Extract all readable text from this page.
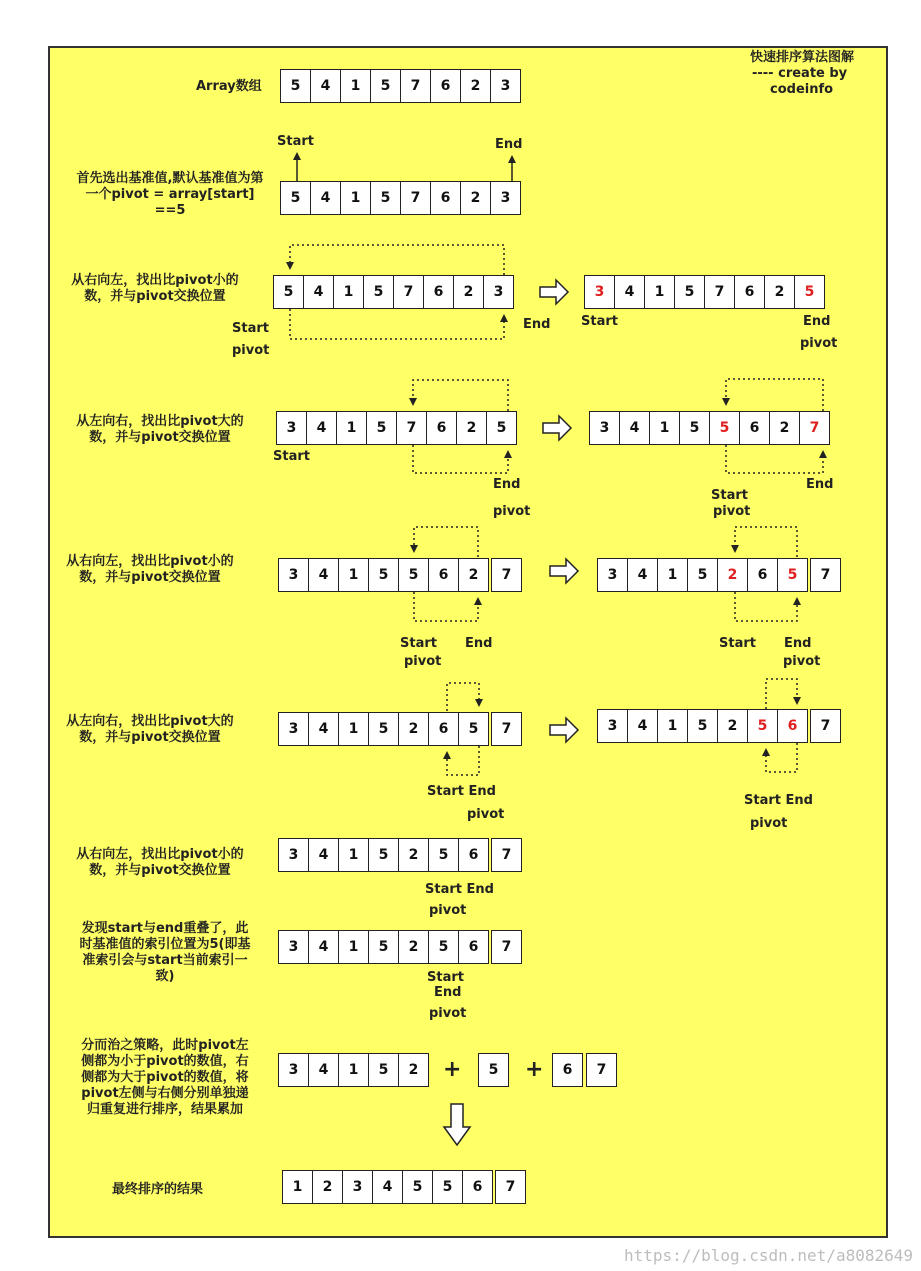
快速排序算法图解
---- create by
codeinfo
Array数组
首先选出基准值,默认基准值为第
一个pivot = array[start]
==5
从右向左，找出比pivot小的
数，并与pivot交换位置
从左向右，找出比pivot大的
数，并与pivot交换位置
从右向左，找出比pivot小的
数，并与pivot交换位置
从左向右，找出比pivot大的
数，并与pivot交换位置
从右向左，找出比pivot小的
数，并与pivot交换位置
发现start与end重叠了，此
时基准值的索引位置为5(即基
准索引会与start当前索引一
致)
分而治之策略，此时pivot左
侧都为小于pivot的数值，右
侧都为大于pivot的数值，将
pivot左侧与右侧分别单独递
归重复进行排序，结果累加
最终排序的结果
Start	End
Start
pivot
End Start	End
pivot
Start
End
pivot
Start
pivot
End
Start
pivot
End	Start End
pivot
Start End
pivot
Start End
pivot
Start End
pivot
Start
End
pivot
+	+
5	4	1	5	7	6	2	3
5	4	1	5	7	6	2	3
5	4	1	5	7	6	2	3	3	4	1	5	7	6	2	5
3	4	1	5	7	6	2	5	3	4	1	5	5	6	2	7
3	4	1	5	5	6	2	7	3	4	1	5	2	6	5	7
3	4	1	5	2	6	5	7	3	4	1	5	2	5	6	7
3	4	1	5	2	5	6	7
3	4	1	5	2	5	6	7
3	4	1	5	2	5	6	7
1	2	3	4	5	5	6	7
https://blog.csdn.net/a8082649
